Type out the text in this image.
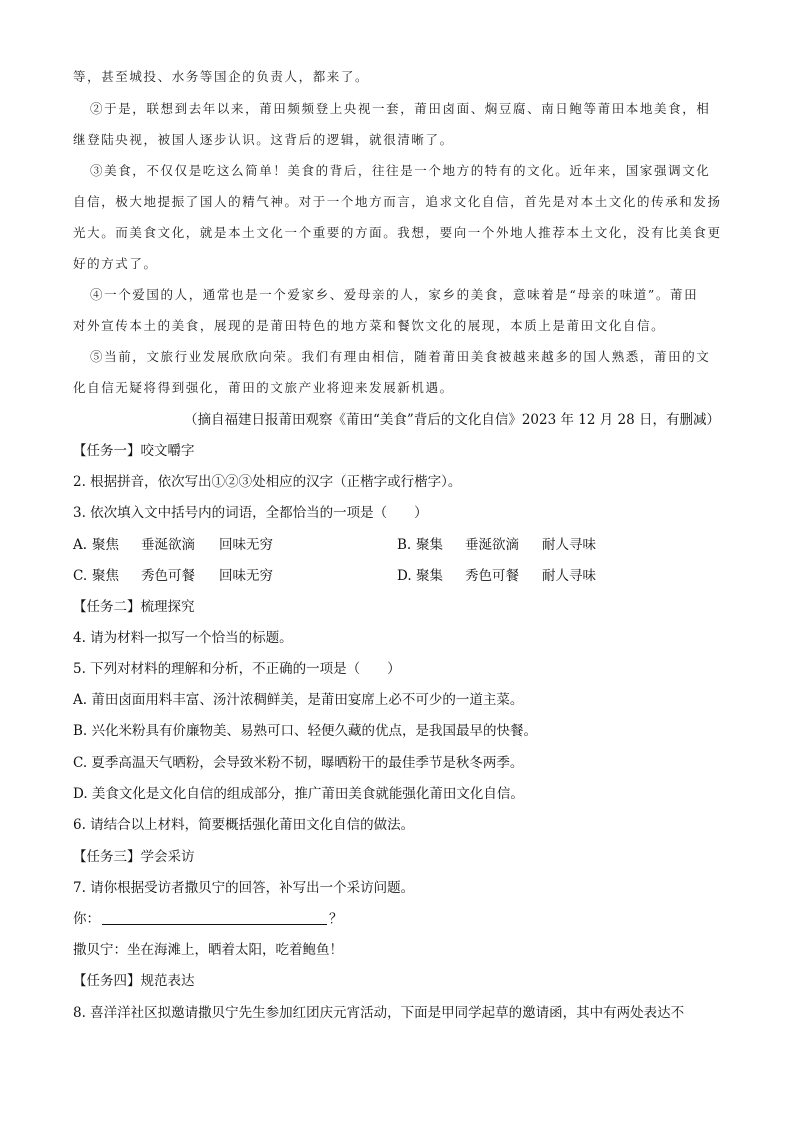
等，甚至城投、水务等国企的负责人，都来了。
②于是，联想到去年以来，莆田频频登上央视一套，莆田卤面、焖豆腐、南日鲍等莆田本地美食，相
继登陆央视，被国人逐步认识。这背后的逻辑，就很清晰了。
③美食，不仅仅是吃这么简单！美食的背后，往往是一个地方的特有的文化。近年来，国家强调文化
自信，极大地提振了国人的精气神。对于一个地方而言，追求文化自信，首先是对本土文化的传承和发扬
光大。而美食文化，就是本土文化一个重要的方面。我想，要向一个外地人推荐本土文化，没有比美食更
好的方式了。
④一个爱国的人，通常也是一个爱家乡、爱母亲的人，家乡的美食，意味着是“母亲的味道”。莆田
对外宣传本土的美食，展现的是莆田特色的地方菜和餐饮文化的展现，本质上是莆田文化自信。
⑤当前，文旅行业发展欣欣向荣。我们有理由相信，随着莆田美食被越来越多的国人熟悉，莆田的文
化自信无疑将得到强化，莆田的文旅产业将迎来发展新机遇。
（摘自福建日报莆田观察《莆田“美食”背后的文化自信》2023 年 12 月 28 日，有删减）
【任务一】咬文嚼字
2. 根据拼音，依次写出①②③处相应的汉字（正楷字或行楷字）。
3. 依次填入文中括号内的词语，全都恰当的一项是（　　）
A. 聚焦 垂涎欲滴 回味无穷	B. 聚集 垂涎欲滴 耐人寻味
C. 聚焦 秀色可餐 回味无穷	D. 聚集 秀色可餐 耐人寻味
【任务二】梳理探究
4. 请为材料一拟写一个恰当的标题。
5. 下列对材料的理解和分析，不正确的一项是（　　）
A. 莆田卤面用料丰富、汤汁浓稠鲜美，是莆田宴席上必不可少的一道主菜。
B. 兴化米粉具有价廉物美、易熟可口、轻便久藏的优点，是我国最早的快餐。
C. 夏季高温天气晒粉，会导致米粉不韧，曝晒粉干的最佳季节是秋冬两季。
D. 美食文化是文化自信的组成部分，推广莆田美食就能强化莆田文化自信。
6. 请结合以上材料，简要概括强化莆田文化自信的做法。
【任务三】学会采访
7. 请你根据受访者撒贝宁的回答，补写出一个采访问题。
你：	？
撒贝宁：坐在海滩上，晒着太阳，吃着鲍鱼！
【任务四】规范表达
8. 喜洋洋社区拟邀请撒贝宁先生参加红团庆元宵活动，下面是甲同学起草的邀请函，其中有两处表达不
